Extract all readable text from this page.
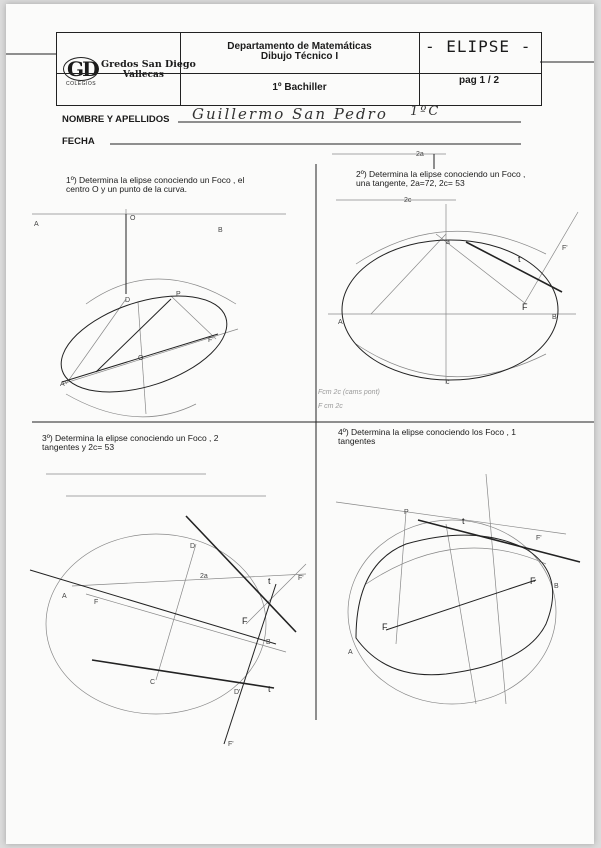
GD Gredos San Diego
Vallecas
COLEGIOS
Departamento de Matemáticas
Dibujo Técnico I
1º Bachiller
- ELIPSE -
pag 1 / 2
NOMBRE Y APELLIDOS Guillermo San Pedro 1ºC
FECHA
1º) Determina la elipse conociendo un Foco , el centro O y un punto de la curva.
2º) Determina la elipse conociendo un Foco , una tangente, 2a=72, 2c= 53
3º) Determina la elipse conociendo un Foco , 2 tangentes y 2c= 53
4º) Determina la elipse conociendo los Foco , 1 tangentes
A
O
B
D
P
F'
O
A'
2a
2c
a
t
F
B
F'
A
c
Fcm 2c (cams pont)
F cm 2c
A
F
t
D
2a
F
B
C
t
D'
F'
F'
t
F'
F
B
F
A
P
